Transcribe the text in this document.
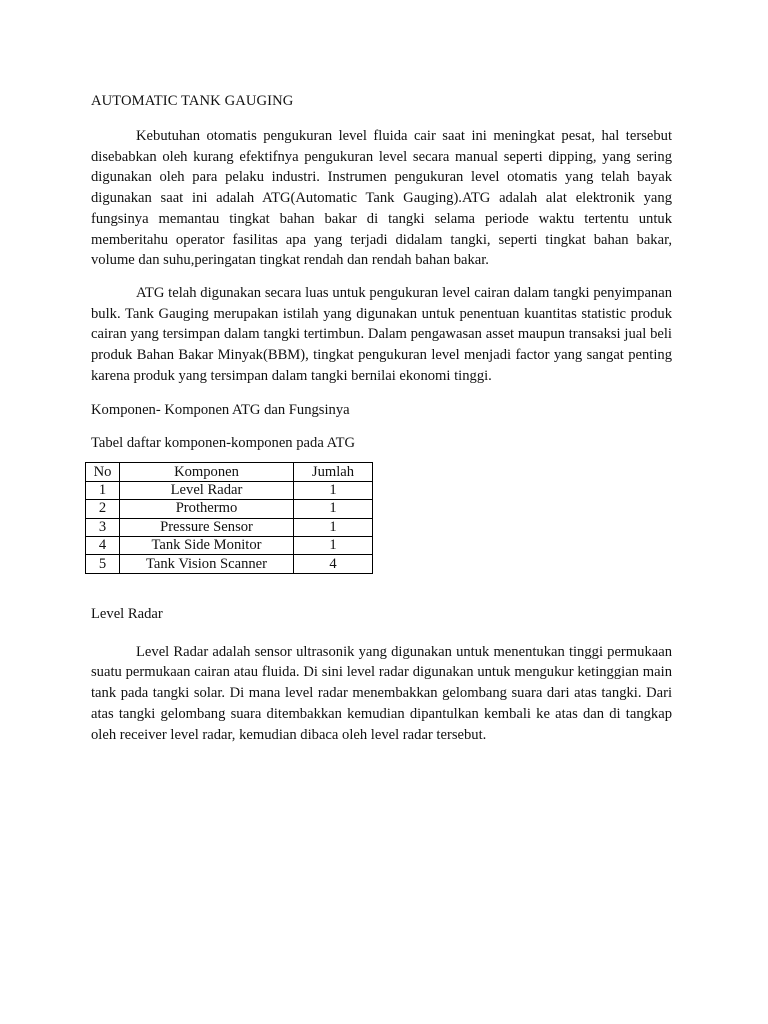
AUTOMATIC TANK GAUGING

Kebutuhan otomatis pengukuran level fluida cair saat ini meningkat pesat, hal tersebut disebabkan oleh kurang efektifnya pengukuran level secara manual seperti dipping, yang sering digunakan oleh para pelaku industri. Instrumen pengukuran level otomatis yang telah bayak digunakan saat ini adalah ATG(Automatic Tank Gauging).ATG adalah alat elektronik yang fungsinya memantau tingkat bahan bakar di tangki selama periode waktu tertentu untuk memberitahu operator fasilitas apa yang terjadi didalam tangki, seperti tingkat bahan bakar, volume dan suhu,peringatan tingkat rendah dan rendah bahan bakar.

ATG telah digunakan secara luas untuk pengukuran level cairan dalam tangki penyimpanan bulk. Tank Gauging merupakan istilah yang digunakan untuk penentuan kuantitas statistic produk cairan yang tersimpan dalam tangki tertimbun. Dalam pengawasan asset maupun transaksi jual beli produk Bahan Bakar Minyak(BBM), tingkat pengukuran level menjadi factor yang sangat penting karena produk yang tersimpan dalam tangki bernilai ekonomi tinggi.

Komponen- Komponen ATG dan Fungsinya

Tabel daftar komponen-komponen pada ATG

No	Komponen	Jumlah
1	Level Radar	1
2	Prothermo	1
3	Pressure Sensor	1
4	Tank Side Monitor	1
5	Tank Vision Scanner	4

Level Radar

Level Radar adalah sensor ultrasonik yang digunakan untuk menentukan tinggi permukaan suatu permukaan cairan atau fluida. Di sini level radar digunakan untuk mengukur ketinggian main tank pada tangki solar. Di mana level radar menembakkan gelombang suara dari atas tangki. Dari atas tangki gelombang suara ditembakkan kemudian dipantulkan kembali ke atas dan di tangkap oleh receiver level radar, kemudian dibaca oleh level radar tersebut.
